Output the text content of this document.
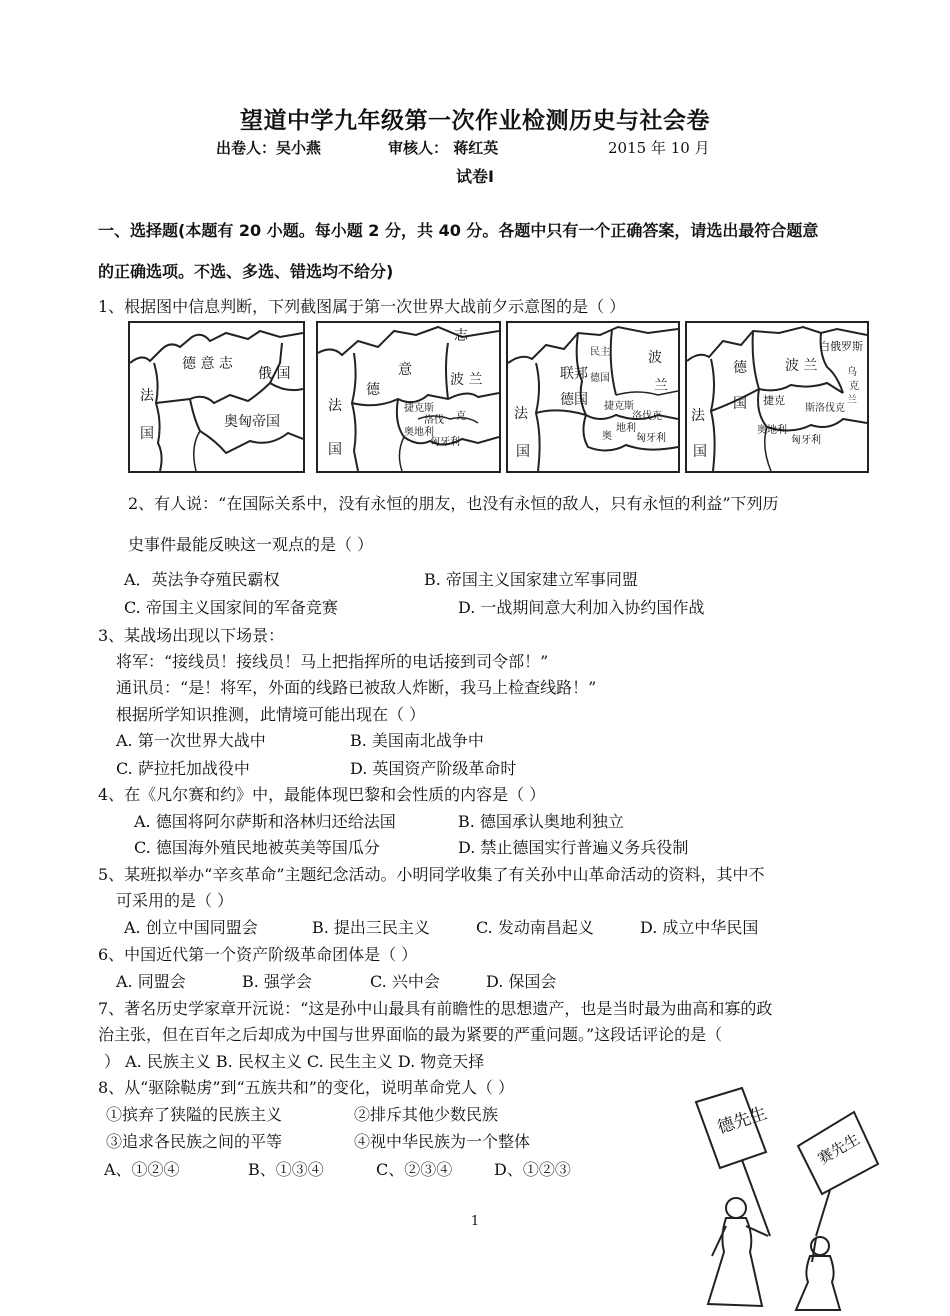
望道中学九年级第一次作业检测历史与社会卷
出卷人：吴小燕	审核人： 蒋红英	2015 年 10 月
试卷I
一、选择题(本题有 20 小题。每小题 2 分，共 40 分。各题中只有一个正确答案，请选出最符合题意
的正确选项。不选、多选、错选均不给分)
1、根据图中信息判断，下列截图属于第一次世界大战前夕示意图的是（ ）
德 意 志
俄 国
法
国
奥匈帝国
志
意
德
法
国
波 兰
捷克斯
洛伐
奥地利
克
匈牙利
民主
德国
联邦
德国
波
兰
法
国
捷克斯
洛伐克
奥
地利
匈牙利
白俄罗斯
德
国
波 兰	乌
克
兰
捷克
斯洛伐克
奥地利
匈牙利
法
国
2、有人说：“在国际关系中，没有永恒的朋友，也没有永恒的敌人，只有永恒的利益”下列历
史事件最能反映这一观点的是（ ）
A．英法争夺殖民霸权	B. 帝国主义国家建立军事同盟
C. 帝国主义国家间的军备竞赛	D. 一战期间意大利加入协约国作战
3、某战场出现以下场景：
将军：“接线员！接线员！马上把指挥所的电话接到司令部！”
通讯员：“是！将军，外面的线路已被敌人炸断，我马上检查线路！”
根据所学知识推测，此情境可能出现在（ ）
A. 第一次世界大战中	B. 美国南北战争中
C. 萨拉托加战役中	D. 英国资产阶级革命时
4、在《凡尔赛和约》中，最能体现巴黎和会性质的内容是（ ）
A. 德国将阿尔萨斯和洛林归还给法国	B. 德国承认奥地利独立
C. 德国海外殖民地被英美等国瓜分	D. 禁止德国实行普遍义务兵役制
5、某班拟举办“辛亥革命”主题纪念活动。小明同学收集了有关孙中山革命活动的资料，其中不
可采用的是（ ）
A. 创立中国同盟会	B. 提出三民主义	C. 发动南昌起义	D. 成立中华民国
6、中国近代第一个资产阶级革命团体是（ ）
A. 同盟会	B. 强学会	C. 兴中会	D. 保国会
7、著名历史学家章开沅说：“这是孙中山最具有前瞻性的思想遗产，也是当时最为曲高和寡的政
治主张，但在百年之后却成为中国与世界面临的最为紧要的严重问题。”这段话评论的是（
） A. 民族主义 B. 民权主义 C. 民生主义 D. 物竞天择
8、从“驱除鞑虏”到“五族共和”的变化，说明革命党人（ ）
①摈弃了狭隘的民族主义	②排斥其他少数民族
③追求各民族之间的平等	④视中华民族为一个整体
A、①②④	B、①③④	C、②③④	D、①②③
德先生
赛先生
1
